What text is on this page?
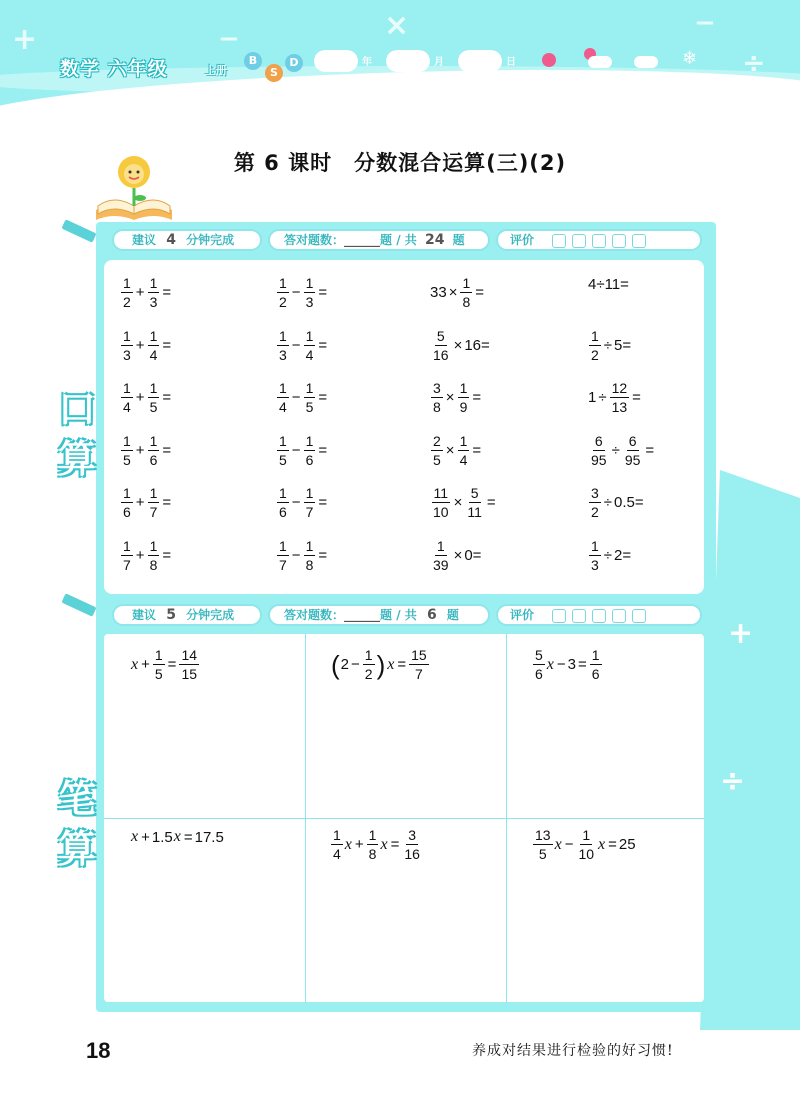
+	−	×
÷
−
数学 六年级	上册
B
S
D	年	月	日	❄
第 6 课时　分数混合运算(三)(2)
+
÷
建议 4 分钟完成	答对题数：______题 / 共 24 题	评价
口
算
$\frac{1}{2} + \frac{1}{3}$ =	$\frac{1}{2} - \frac{1}{3}$ =	$33 \times \frac{1}{8}$ =	4÷11=
$\frac{1}{3} + \frac{1}{4}$ =	$\frac{1}{3} - \frac{1}{4}$ =	$\frac{5}{16} \times 16=$	$\frac{1}{2} \div 5=$
$\frac{1}{4} + \frac{1}{5}$ =	$\frac{1}{4} - \frac{1}{5}$ =	$\frac{3}{8} \times \frac{1}{9}$ =	$1 \div \frac{12}{13}$ =
$\frac{1}{5} + \frac{1}{6}$ =	$\frac{1}{5} - \frac{1}{6}$ =	$\frac{2}{5} \times \frac{1}{4}$ =	$\frac{6}{95} \div \frac{6}{95}$ =
$\frac{1}{6} + \frac{1}{7}$ =	$\frac{1}{6} - \frac{1}{7}$ =	$\frac{11}{10} \times \frac{5}{11}$ =	$\frac{3}{2} \div 0.5=$
$\frac{1}{7} + \frac{1}{8}$ =	$\frac{1}{7} - \frac{1}{8}$ =	$\frac{1}{39} \times 0=$	$\frac{1}{3} \div 2=$
建议 5 分钟完成	答对题数：______题 / 共 6 题	评价
笔
算
$x + \frac{1}{5} = \frac{14}{15}$	( $2 - \frac{1}{2}$ ) $x = \frac{15}{7}$	$\frac{5}{6}$ $x - 3 = \frac{1}{6}$
x + 1.5 x = 17.5	$\frac{1}{4}$ $x + \frac{1}{8}$ $x = \frac{3}{16}$	$\frac{13}{5}$ $x - \frac{1}{10}$ x = 25
18	养成对结果进行检验的好习惯!
